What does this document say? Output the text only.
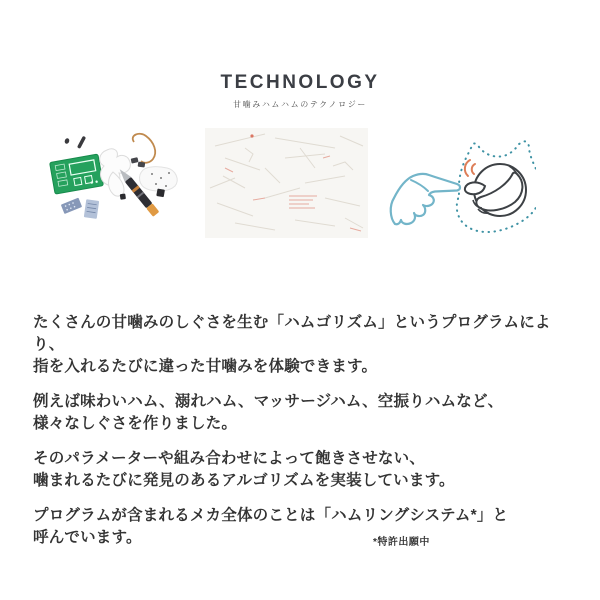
TECHNOLOGY
甘噛みハムハムのテクノロジー

たくさんの甘噛みのしぐさを生む「ハムゴリズム」というプログラムにより、
指を入れるたびに違った甘噛みを体験できます。

例えば味わいハム、溺れハム、マッサージハム、空振りハムなど、
様々なしぐさを作りました。

そのパラメーターや組み合わせによって飽きさせない、
噛まれるたびに発見のあるアルゴリズムを実装しています。

プログラムが含まれるメカ全体のことは「ハムリングシステム*」と
呼んでいます。	*特許出願中
